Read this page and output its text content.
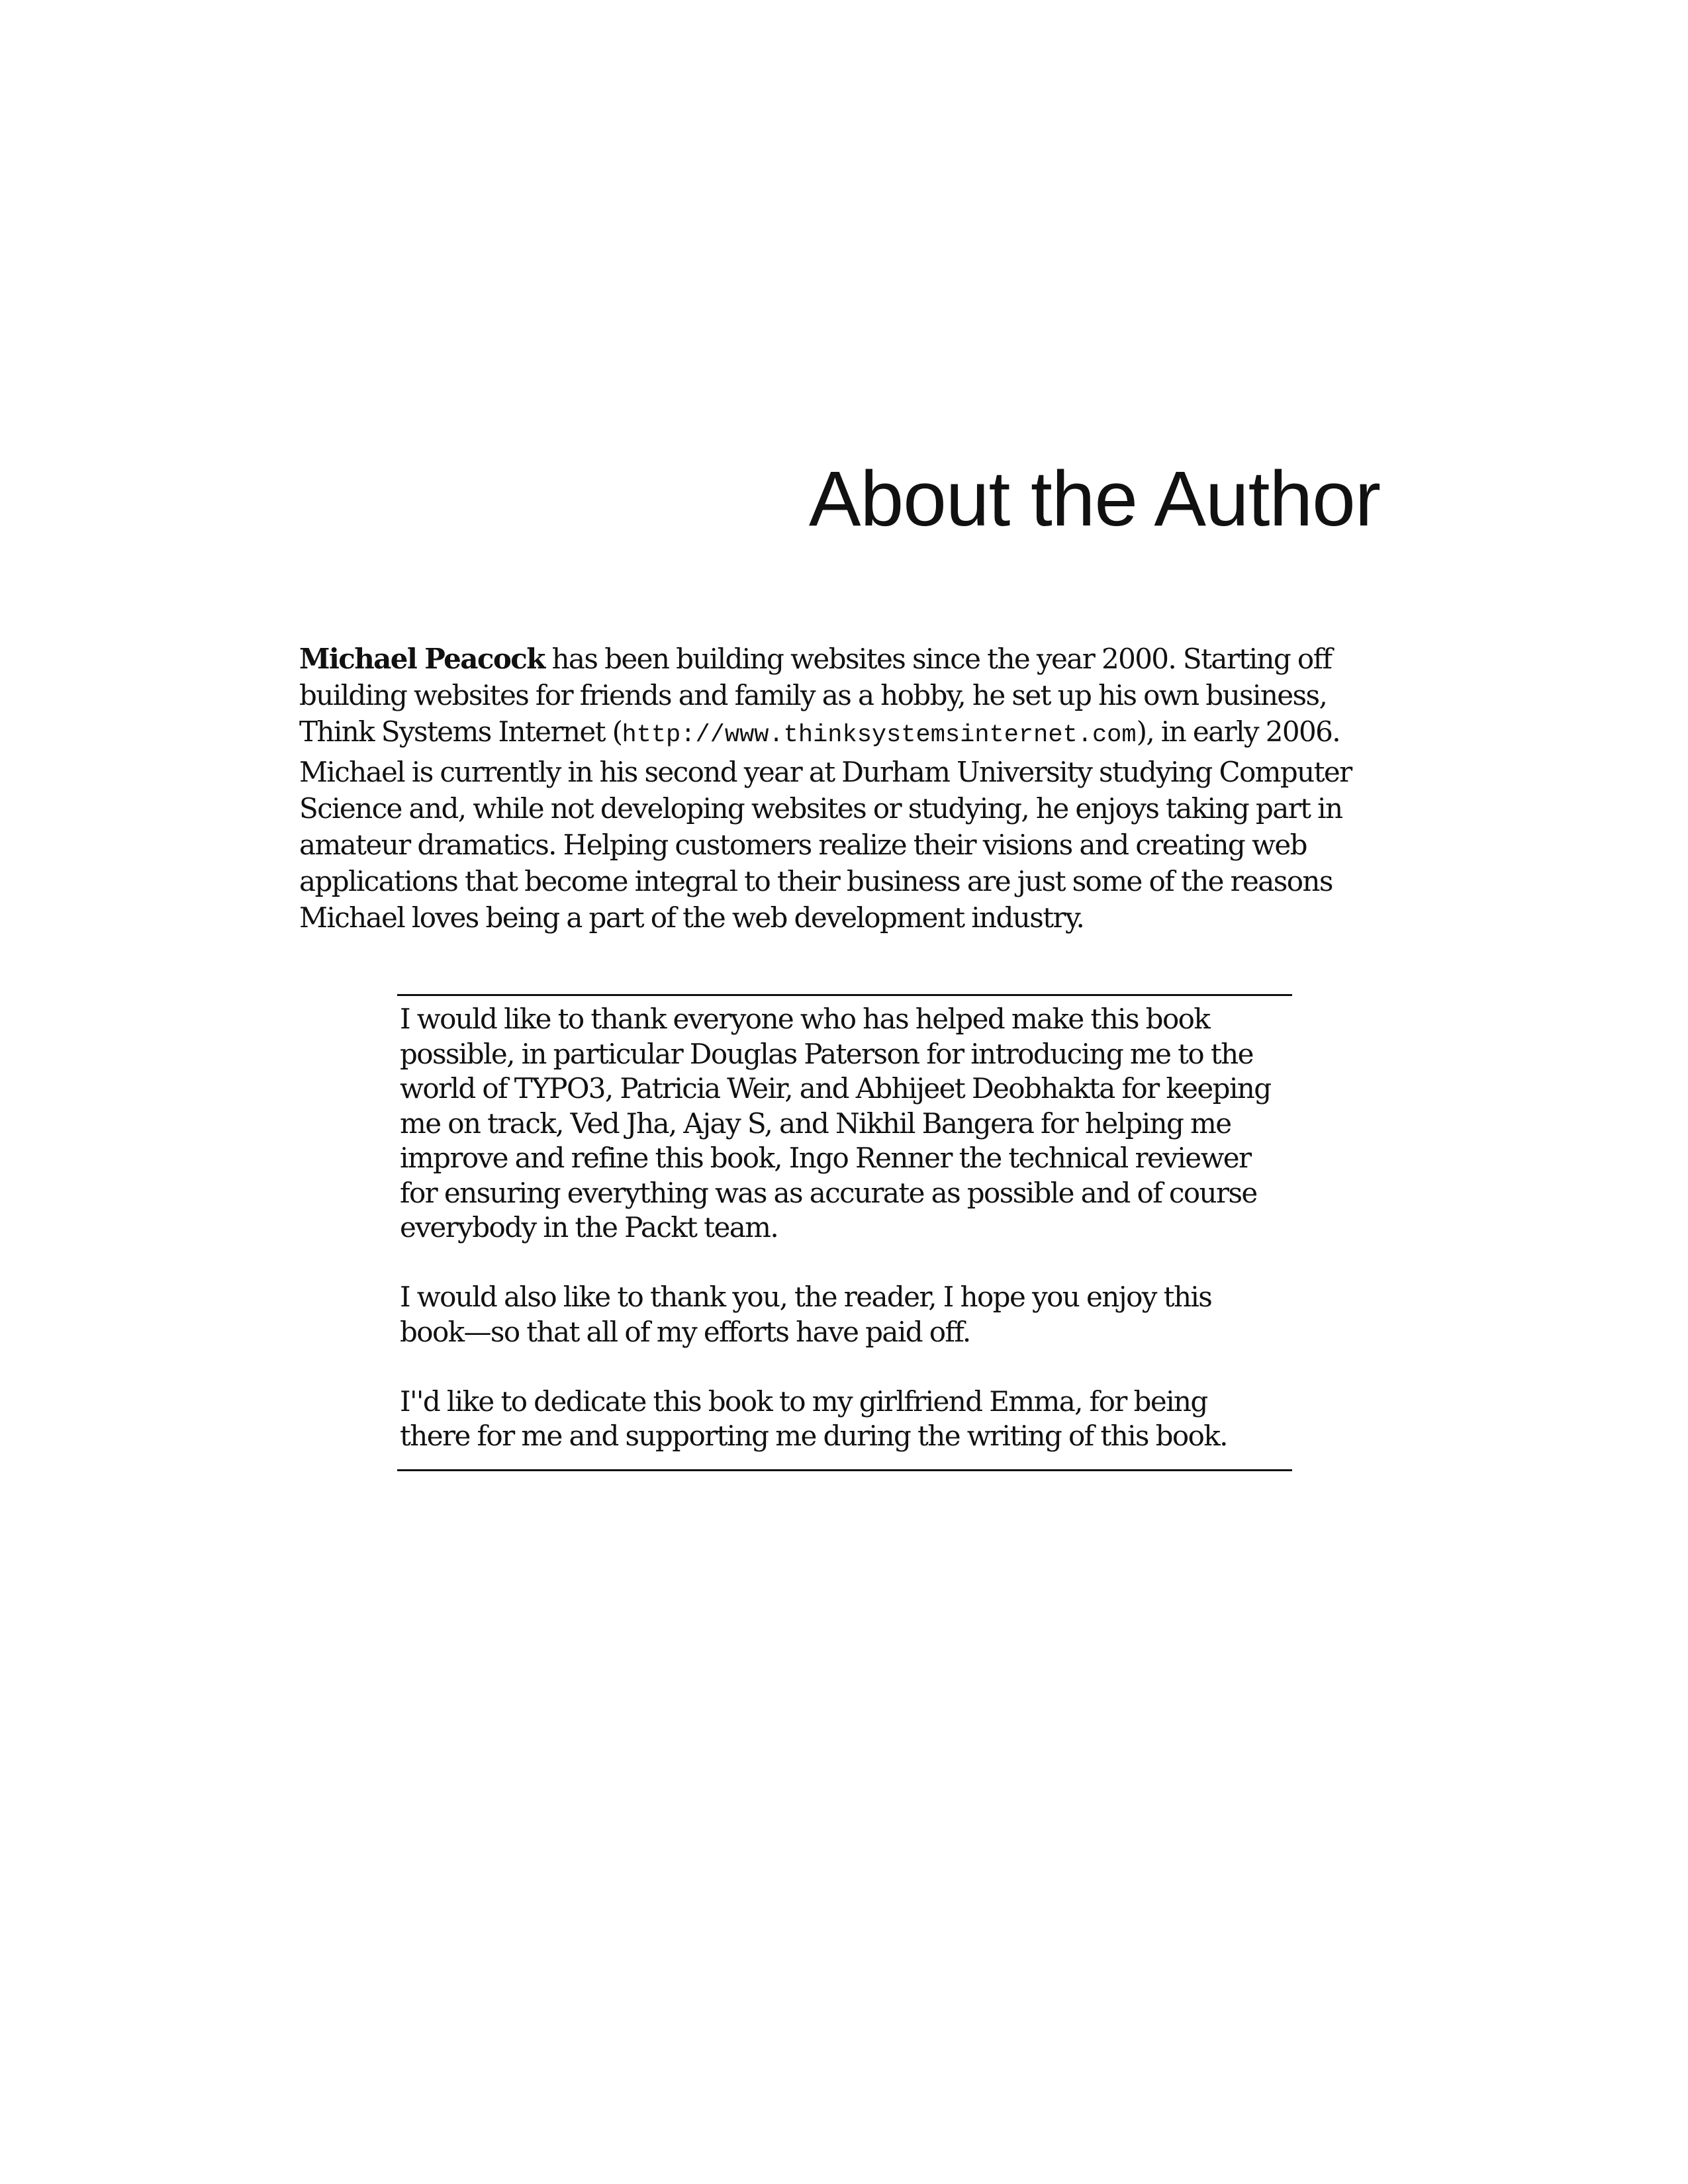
About the Author

Michael Peacock has been building websites since the year 2000. Starting off building websites for friends and family as a hobby, he set up his own business, Think Systems Internet (http://www.thinksystemsinternet.com), in early 2006. Michael is currently in his second year at Durham University studying Computer Science and, while not developing websites or studying, he enjoys taking part in amateur dramatics. Helping customers realize their visions and creating web applications that become integral to their business are just some of the reasons Michael loves being a part of the web development industry.

I would like to thank everyone who has helped make this book possible, in particular Douglas Paterson for introducing me to the world of TYPO3, Patricia Weir, and Abhijeet Deobhakta for keeping me on track, Ved Jha, Ajay S, and Nikhil Bangera for helping me improve and refine this book, Ingo Renner the technical reviewer for ensuring everything was as accurate as possible and of course everybody in the Packt team.

I would also like to thank you, the reader, I hope you enjoy this book—so that all of my efforts have paid off.

I''d like to dedicate this book to my girlfriend Emma, for being there for me and supporting me during the writing of this book.
